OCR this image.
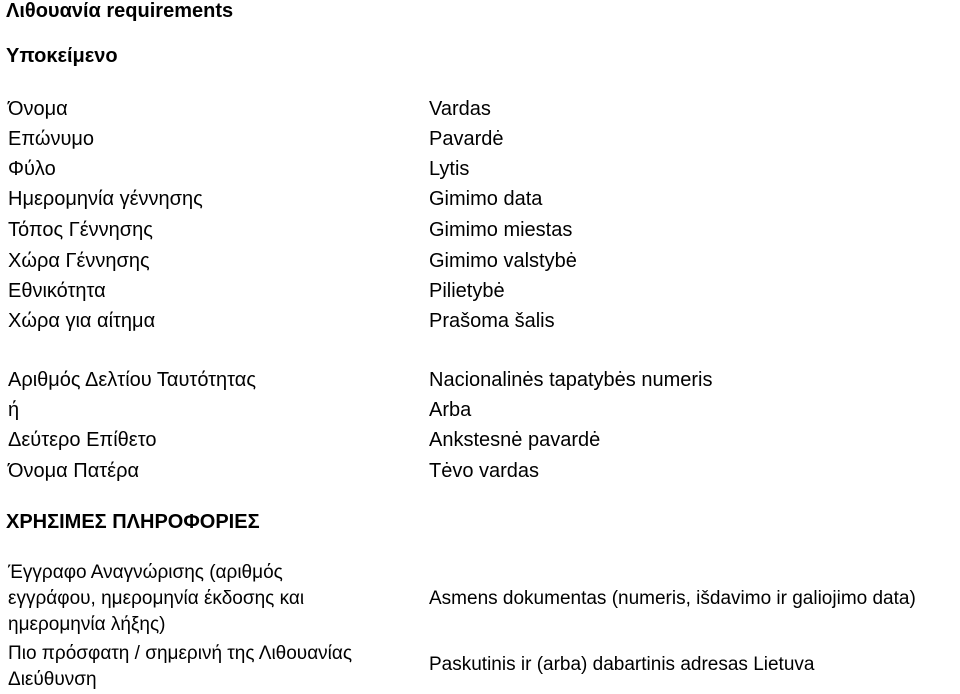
Λιθουανία requirements
Υποκείμενο
Όνομα	Vardas
Επώνυμο	Pavardė
Φύλο	Lytis
Ημερομηνία γέννησης	Gimimo data
Τόπος Γέννησης	Gimimo miestas
Χώρα Γέννησης	Gimimo valstybė
Εθνικότητα	Pilietybė
Χώρα για αίτημα	Prašoma šalis
Αριθμός Δελτίου Ταυτότητας	Nacionalinės tapatybės numeris
ή	Arba
Δεύτερο Επίθετο	Ankstesnė pavardė
Όνομα Πατέρα	Tėvo vardas
ΧΡΗΣΙΜΕΣ ΠΛΗΡΟΦΟΡΙΕΣ
Έγγραφο Αναγνώρισης (αριθμός
εγγράφου, ημερομηνία έκδοσης και
ημερομηνία λήξης)
Asmens dokumentas (numeris, išdavimo ir galiojimo data)
Πιο πρόσφατη / σημερινή της Λιθουανίας
Διεύθυνση
Paskutinis ir (arba) dabartinis adresas Lietuva
